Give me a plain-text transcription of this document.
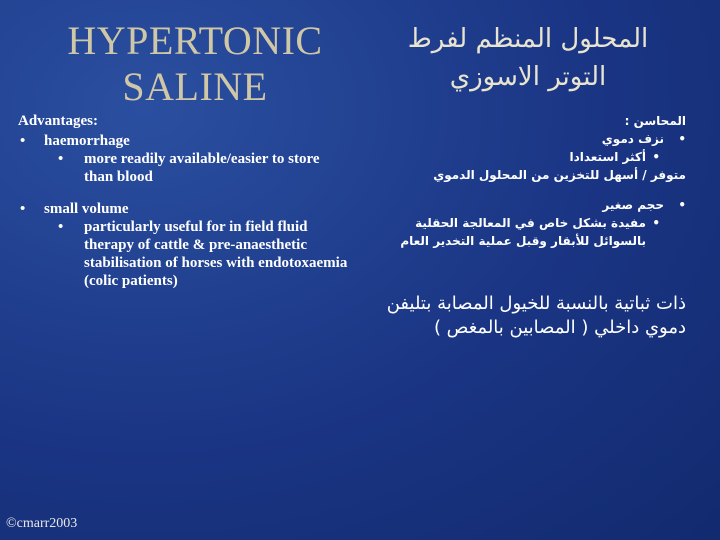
HYPERTONIC SALINE
المحلول المنظم لفرط التوتر الاسوزي
Advantages:
• haemorrhage
• more readily available/easier to store than blood
• small volume
• particularly useful for in field fluid therapy of cattle & pre-anaesthetic stabilisation of horses with endotoxaemia (colic patients)
المحاسن :
•
نزف دموي
•
أكثر استعدادا
متوفر / أسهل للتخزين من المحلول الدموي
•
حجم صغير
•
مفيدة بشكل خاص في المعالجة الحقلية بالسوائل للأبقار وقبل عملية التخدير العام
ذات ثباتية بالنسبة للخيول المصابة بتليفن دموي داخلي ( المصابين بالمغص )
©cmarr2003
